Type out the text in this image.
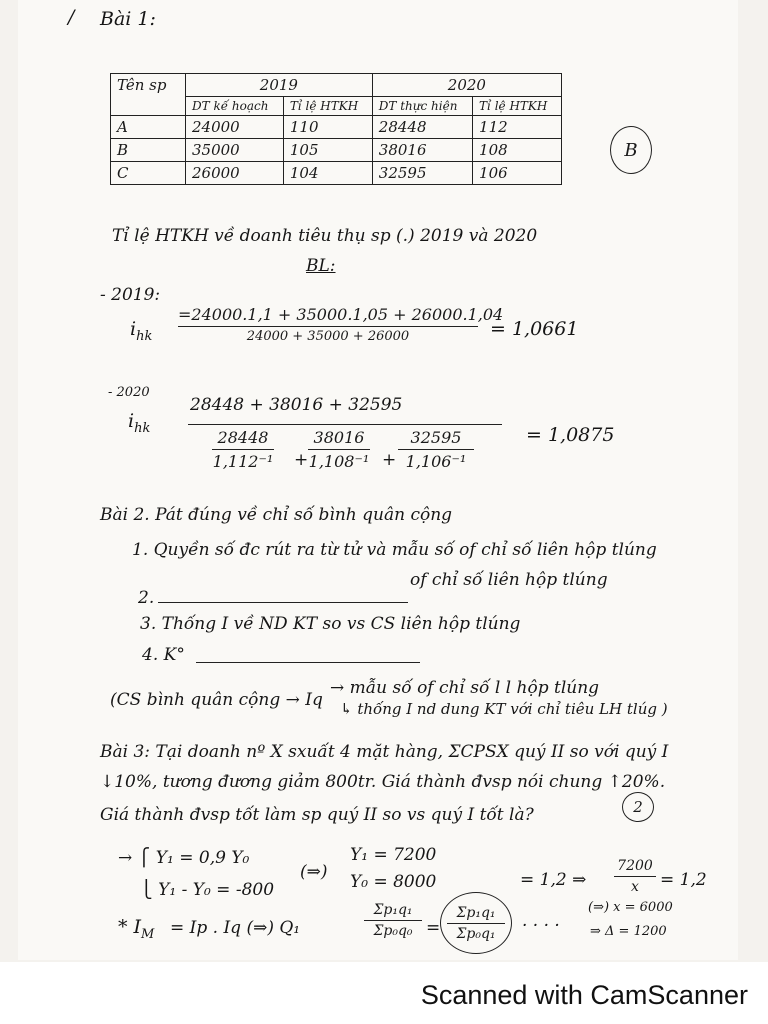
/ Bài 1:
Tên sp	2019		2020	
	DT kế hoạch	Tỉ lệ HTKH	DT thực hiện	Tỉ lệ HTKH
A	24000	110	28448	112
B	35000	105	38016	108
C	26000	104	32595	106
B
Tỉ lệ HTKH về doanh tiêu thụ sp (.) 2019 và 2020
BL:
- 2019:
$i_{hk}$
=24000.1,1 + 35000.1,05 + 26000.1,04
24000 + 35000 + 26000	= 1,0661
- 2020
$i_{hk}$
28448 + 38016 + 32595
28448
1,112⁻¹ +
38016
1,108⁻¹ +
32595
1,106⁻¹
= 1,0875
Bài 2. Pát đúng về chỉ số bình quân cộng
1. Quyền số đc rút ra từ tử và mẫu số of chỉ số liên hộp tlúng
2.
of chỉ số liên hộp tlúng
3. Thống I về ND KT so vs CS liên hộp tlúng
4. K°
(CS bình quân cộng → Iq
→ mẫu số of chỉ số l l hộp tlúng
↳ thống I nd dung KT với chỉ tiêu LH tlúg )
Bài 3: Tại doanh nº X sxuất 4 mặt hàng, ΣCPSX quý II so với quý I
↓10%, tương đương giảm 800tr. Giá thành đvsp nói chung ↑20%.
Giá thành đvsp tốt làm sp quý II so vs quý I tốt là?	2
→ ⎧ Y₁ = 0,9 Y₀
⎩ Y₁ - Y₀ = -800
(⇒)
Y₁ = 7200
Y₀ = 8000	= 1,2 ⇒
7200
x	= 1,2
(⇒) x = 6000
⇒ Δ = 1200
* $I_M = Ip$ . Iq (⇒) Q₁
Σp₁q₁
$\Sigma p_0q_0 = \frac{\text{Σp₁q₁}}{\text{Σp₀q₁}}$ · · · ·
Scanned with CamScanner
